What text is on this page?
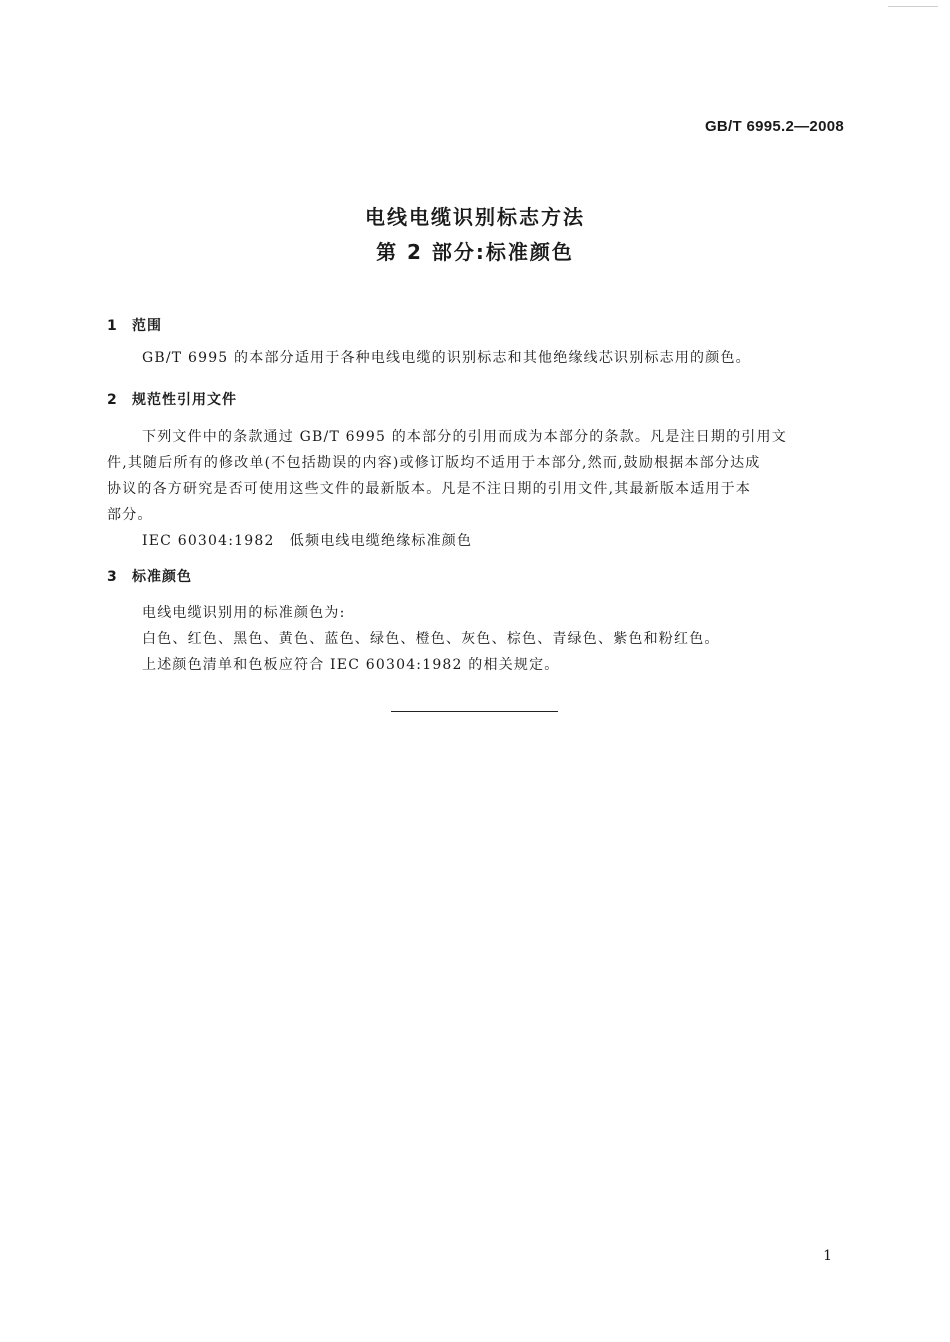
GB/T 6995.2—2008
电线电缆识别标志方法
第 2 部分:标准颜色
1 范围
GB/T 6995 的本部分适用于各种电线电缆的识别标志和其他绝缘线芯识别标志用的颜色。
2 规范性引用文件
下列文件中的条款通过 GB/T 6995 的本部分的引用而成为本部分的条款。凡是注日期的引用文
件,其随后所有的修改单(不包括勘误的内容)或修订版均不适用于本部分,然而,鼓励根据本部分达成
协议的各方研究是否可使用这些文件的最新版本。凡是不注日期的引用文件,其最新版本适用于本
部分。
IEC 60304:1982　低频电线电缆绝缘标准颜色
3 标准颜色
电线电缆识别用的标准颜色为:
白色、红色、黑色、黄色、蓝色、绿色、橙色、灰色、棕色、青绿色、紫色和粉红色。
上述颜色清单和色板应符合 IEC 60304:1982 的相关规定。
1
